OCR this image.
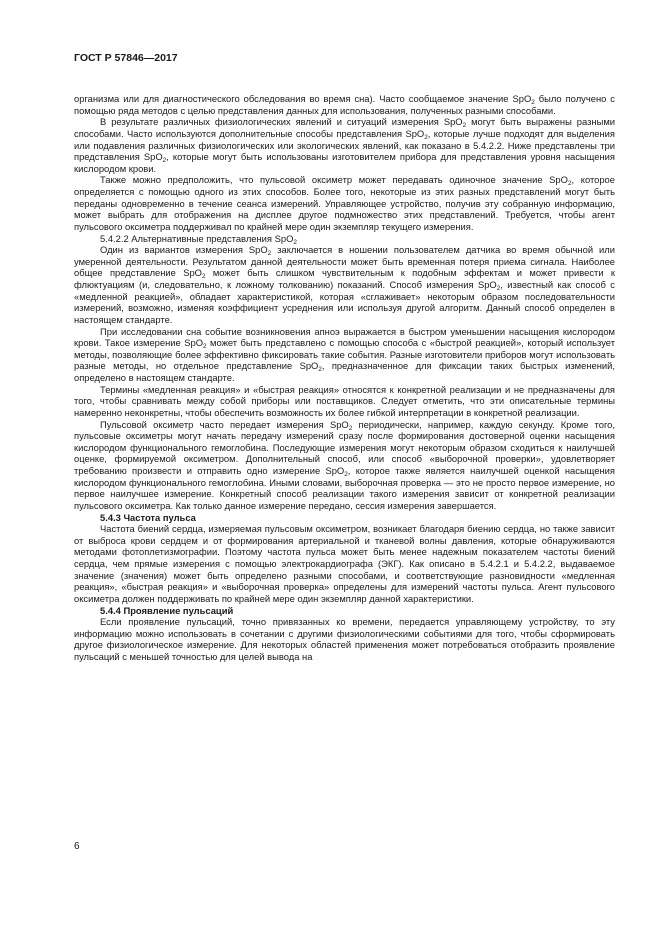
ГОСТ Р 57846—2017

организма или для диагностического обследования во время сна). Часто сообщаемое значение SpO$_2$ было получено с помощью ряда методов с целью представления данных для использования, полученных разными способами.

В результате различных физиологических явлений и ситуаций измерения SpO$_2$ могут быть выражены разными способами. Часто используются дополнительные способы представления SpO$_2$, которые лучше подходят для выделения или подавления различных физиологических или экологических явлений, как показано в 5.4.2.2. Ниже представлены три представления SpO$_2$, которые могут быть использованы изготовителем прибора для представления уровня насыщения кислородом крови.

Также можно предположить, что пульсовой оксиметр может передавать одиночное значение SpO$_2$, которое определяется с помощью одного из этих способов. Более того, некоторые из этих разных представлений могут быть переданы одновременно в течение сеанса измерений. Управляющее устройство, получив эту собранную информацию, может выбрать для отображения на дисплее другое подмножество этих представлений. Требуется, чтобы агент пульсового оксиметра поддерживал по крайней мере один экземпляр текущего измерения.

5.4.2.2 Альтернативные представления SpO$_2$

Один из вариантов измерения SpO$_2$ заключается в ношении пользователем датчика во время обычной или умеренной деятельности. Результатом данной деятельности может быть временная потеря приема сигнала. Наиболее общее представление SpO$_2$ может быть слишком чувствительным к подобным эффектам и может привести к флюктуациям (и, следовательно, к ложному толкованию) показаний. Способ измерения SpO$_2$, известный как способ с «медленной реакцией», обладает характеристикой, которая «сглаживает» некоторым образом последовательности измерений, возможно, изменяя коэффициент усреднения или используя другой алгоритм. Данный способ определен в настоящем стандарте.

При исследовании сна событие возникновения апноэ выражается в быстром уменьшении насыщения кислородом крови. Такое измерение SpO$_2$ может быть представлено с помощью способа с «быстрой реакцией», который использует методы, позволяющие более эффективно фиксировать такие события. Разные изготовители приборов могут использовать разные методы, но отдельное представление SpO$_2$, предназначенное для фиксации таких быстрых изменений, определено в настоящем стандарте.

Термины «медленная реакция» и «быстрая реакция» относятся к конкретной реализации и не предназначены для того, чтобы сравнивать между собой приборы или поставщиков. Следует отметить, что эти описательные термины намеренно неконкретны, чтобы обеспечить возможность их более гибкой интерпретации в конкретной реализации.

Пульсовой оксиметр часто передает измерения SpO$_2$ периодически, например, каждую секунду. Кроме того, пульсовые оксиметры могут начать передачу измерений сразу после формирования достоверной оценки насыщения кислородом функционального гемоглобина. Последующие измерения могут некоторым образом сходиться к наилучшей оценке, формируемой оксиметром. Дополнительный способ, или способ «выборочной проверки», удовлетворяет требованию произвести и отправить одно измерение SpO$_2$, которое также является наилучшей оценкой насыщения кислородом функционального гемоглобина. Иными словами, выборочная проверка — это не просто первое измерение, но первое наилучшее измерение. Конкретный способ реализации такого измерения зависит от конкретной реализации пульсового оксиметра. Как только данное измерение передано, сессия измерения завершается.

5.4.3 Частота пульса

Частота биений сердца, измеряемая пульсовым оксиметром, возникает благодаря биению сердца, но также зависит от выброса крови сердцем и от формирования артериальной и тканевой волны давления, которые обнаруживаются методами фотоплетизмографии. Поэтому частота пульса может быть менее надежным показателем частоты биений сердца, чем прямые измерения с помощью электрокардиографа (ЭКГ). Как описано в 5.4.2.1 и 5.4.2.2, выдаваемое значение (значения) может быть определено разными способами, и соответствующие разновидности «медленная реакция», «быстрая реакция» и «выборочная проверка» определены для измерений частоты пульса. Агент пульсового оксиметра должен поддерживать по крайней мере один экземпляр данной характеристики.

5.4.4 Проявление пульсаций

Если проявление пульсаций, точно привязанных ко времени, передается управляющему устройству, то эту информацию можно использовать в сочетании с другими физиологическими событиями для того, чтобы сформировать другое физиологическое измерение. Для некоторых областей применения может потребоваться отобразить проявление пульсаций с меньшей точностью для целей вывода на

6
